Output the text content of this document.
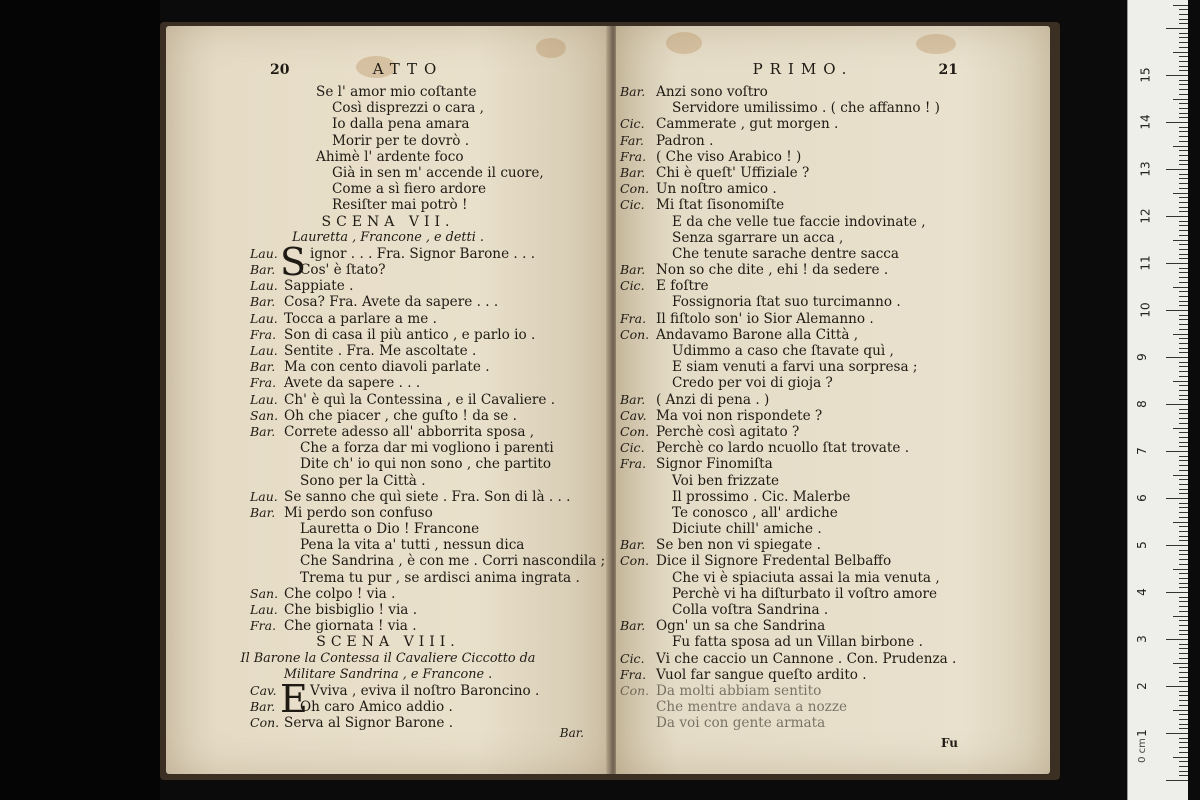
20	ATTO
Se l' amor mio coſtante
Così disprezzi o cara ,
Io dalla pena amara
Morir per te dovrò .
Ahimè l' ardente foco
Già in sen m' accende il cuore,
Come a sì fiero ardore
Resiſter mai potrò !
SCENA VII.
Lauretta , Francone , e detti .
Lau. S ignor . . . Fra. Signor Barone . . .
Bar. Cos' è ſtato?
Lau. Sappiate .
Bar. Cosa? Fra. Avete da sapere . . .
Lau. Tocca a parlare a me .
Fra. Son di casa il più antico , e parlo io .
Lau. Sentite . Fra. Me ascoltate .
Bar. Ma con cento diavoli parlate .
Fra. Avete da sapere . . .
Lau. Ch' è quì la Contessina , e il Cavaliere .
San. Oh che piacer , che guſto ! da se .
Bar. Correte adesso all' abborrita sposa ,
Che a forza dar mi vogliono i parenti
Dite ch' io qui non sono , che partito
Sono per la Città .
Lau. Se sanno che quì siete . Fra. Son di là . . .
Bar. Mi perdo son confuso
Lauretta o Dio ! Francone
Pena la vita a' tutti , nessun dica
Che Sandrina , è con me . Corri nascondila ;
Trema tu pur , se ardisci anima ingrata .
San. Che colpo ! via .
Lau. Che bisbiglio ! via .
Fra. Che giornata ! via .
SCENA VIII.
Il Barone la Contessa il Cavaliere Ciccotto da
Militare Sandrina , e Francone .
Cav. E Vviva , eviva il noſtro Baroncino .
Bar. Oh caro Amico addio .
Con. Serva al Signor Barone .
Bar.
PRIMO.	21
Bar. Anzi sono voſtro
Servidore umilissimo . ( che affanno ! )
Cic. Cammerate , gut morgen .
Far. Padron .
Fra. ( Che viso Arabico ! )
Bar. Chi è queſt' Uffiziale ?
Con. Un noſtro amico .
Cic. Mi ſtat ſisonomiſte
E da che velle tue faccie indovinate ,
Senza sgarrare un acca ,
Che tenute sarache dentre sacca
Bar. Non so che dite , ehi ! da sedere .
Cic. E foſtre
Fossignoria ſtat suo turcimanno .
Fra. Il fiſtolo son' io Sior Alemanno .
Con. Andavamo Barone alla Città ,
Udimmo a caso che ſtavate quì ,
E siam venuti a farvi una sorpresa ;
Credo per voi di gioja ?
Bar. ( Anzi di pena . )
Cav. Ma voi non rispondete ?
Con. Perchè così agitato ?
Cic. Perchè co lardo ncuollo ſtat trovate .
Fra. Signor Finomiſta
Voi ben frizzate
Il prossimo . Cic. Malerbe
Te conosco , all' ardiche
Diciute chill' amiche .
Bar. Se ben non vi spiegate .
Con. Dice il Signore Fredental Belbaffo
Che vi è spiaciuta assai la mia venuta ,
Perchè vi ha diſturbato il voſtro amore
Colla voſtra Sandrina .
Bar. Ogn' un sa che Sandrina
Fu fatta sposa ad un Villan birbone .
Cic. Vi che caccio un Cannone . Con. Prudenza .
Fra. Vuol far sangue queſto ardito .
Con. Da molti abbiam sentito
Che mentre andava a nozze
Da voi con gente armata
Fu	0 cm
15
14
13
12
11
10
9
8
7
6
5
4
3
2
1
